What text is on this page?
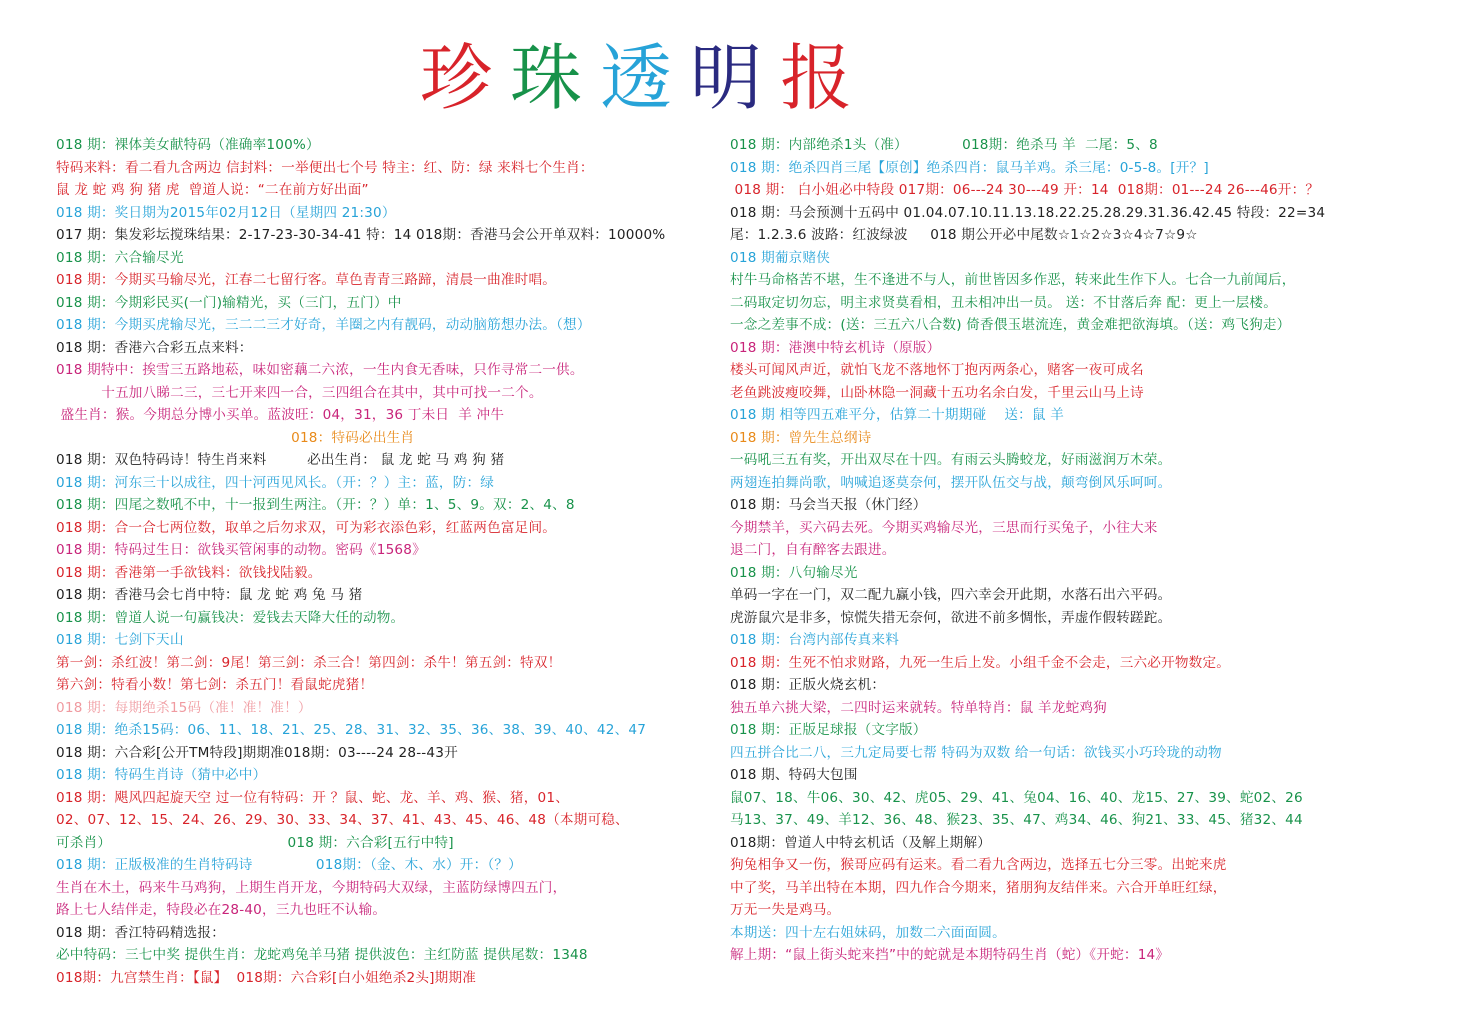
珍 珠 透 明 报
018 期：裸体美女献特码（准确率100%）
特码来料：看二看九含两边 信封料：一举便出七个号 特主：红、防：绿 来料七个生肖：
鼠 龙 蛇 鸡 狗 猪 虎  曾道人说：“二在前方好出面”
018 期：奖日期为2015年02月12日（星期四 21:30）
017 期：集发彩坛搅珠结果：2-17-23-30-34-41 特：14 018期：香港马会公开单双料：10000%
018 期：六合输尽光
018 期：今期买马输尽光，江春二七留行客。草色青青三路蹄，清晨一曲准时唱。
018 期：今期彩民买(一门)输精光，买（三门，五门）中
018 期：今期买虎输尽光，三二二三才好奇，羊圈之内有靓码，动动脑筋想办法。（想）
018 期：香港六合彩五点来料：
018 期特中：挨雪三五路地菘，味如密藕二六浓，一生内食无香味，只作寻常二一供。
十五加八睇二三，三七开来四一合，三四组合在其中，其中可找一二个。
盛生肖：猴。今期总分博小买单。蓝波旺：04，31，36 丁未日  羊 冲牛
018：特码必出生肖
018 期：双色特码诗！特生肖来料         必出生肖： 鼠 龙 蛇 马 鸡 狗 猪
018 期：河东三十以成往，四十河西见风长。（开：？）主：蓝，防：绿
018 期：四尾之数吼不中，十一报到生两注。（开：？）单：1、5、9。双：2、4、8
018 期：合一合七两位数，取单之后勿求双，可为彩衣添色彩，红蓝两色富足间。
018 期：特码过生日：欲钱买管闲事的动物。密码《1568》
018 期：香港第一手欲钱料：欲钱找陆毅。
018 期：香港马会七肖中特：鼠 龙 蛇 鸡 兔 马 猪
018 期：曾道人说一句赢钱决：爱钱去天降大任的动物。
018 期：七剑下天山
第一剑：杀红波！第二剑：9尾！第三剑：杀三合！第四剑：杀牛！第五剑：特双！
第六剑：特看小数！第七剑：杀五门！看鼠蛇虎猪！
018 期：每期绝杀15码（准！准！准！）
018 期：绝杀15码：06、11、18、21、25、28、31、32、35、36、38、39、40、42、47
018 期：六合彩[公开TM特段]期期准018期：03----24 28--43开
018 期：特码生肖诗（猜中必中）
018 期：飓风四起旋天空 过一位有特码：开 ？鼠、蛇、龙、羊、鸡、猴、猪，01、
02、07、12、15、24、26、29、30、33、34、37、41、43、45、46、48（本期可稳、
可杀肖）                                       018 期：六合彩[五行中特]
018 期：正版极准的生肖特码诗              018期：（金、木、水）开：（？）
生肖在木土，码来牛马鸡狗，上期生肖开龙，今期特码大双绿，主蓝防绿博四五门，
路上七人结伴走，特段必在28-40，三九也旺不认输。
018 期：香江特码精选报：
必中特码：三七中奖 提供生肖：龙蛇鸡兔羊马猪 提供波色：主红防蓝 提供尾数：1348
018期：九宫禁生肖：【鼠】  018期：六合彩[白小姐绝杀2头]期期准
018 期：内部绝杀1头（准）            018期：绝杀马 羊  二尾：5、8
018 期：绝杀四肖三尾【原创】绝杀四肖：鼠马羊鸡。杀三尾：0-5-8。[开？]
018 期： 白小姐必中特段 017期：06---24 30---49 开：14  018期：01---24 26---46开：？
018 期：马会预测十五码中 01.04.07.10.11.13.18.22.25.28.29.31.36.42.45 特段：22=34
尾：1.2.3.6 波路：红波绿波     018 期公开必中尾数☆1☆2☆3☆4☆7☆9☆
018 期葡京赌侠
村牛马命格苦不堪，生不逢进不与人，前世皆因多作恶，转来此生作下人。七合一九前闻后，
二码取定切勿忘，明主求贤莫看相，丑未相冲出一员。 送：不甘落后奔 配：更上一层楼。
一念之差事不成：(送：三五六八合数) 倚香偎玉堪流连，黄金难把欲海填。（送：鸡飞狗走）
018 期：港澳中特玄机诗（原版）
楼头可闻风声近，就怕飞龙不落地怀丁抱丙两条心，赌客一夜可成名
老鱼跳波瘦咬舞，山卧林隐一洞藏十五功名余白发，千里云山马上诗
018 期 相等四五难平分，估算二十期期碰    送：鼠 羊
018 期：曾先生总纲诗
一码吼三五有奖，开出双尽在十四。有雨云头腾蛟龙，好雨滋润万木荣。
两翅连拍舞尚歌，呐喊追逐莫奈何，摆开队伍交与战，颠弯倒风乐呵呵。
018 期：马会当天报（休门经）
今期禁羊，买六码去死。今期买鸡输尽光，三思而行买兔子，小往大来
退二门，自有醉客去跟进。
018 期：八句输尽光
单码一字在一门，双二配九赢小钱，四六幸会开此期，水落石出六平码。
虎游鼠穴是非多，惊慌失措无奈何，欲进不前多惆怅，弄虚作假转蹉跎。
018 期：台湾内部传真来料
018 期：生死不怕求财路，九死一生后上发。小组千金不会走，三六必开物数定。
018 期：正版火烧玄机：
独五单六挑大梁，二四时运来就转。特单特肖：鼠 羊龙蛇鸡狗
018 期：正版足球报（文字版）
四五拼合比二八，三九定局要七帮 特码为双数 给一句话：欲钱买小巧玲珑的动物
018 期、特码大包围
鼠07、18、牛06、30、42、虎05、29、41、兔04、16、40、龙15、27、39、蛇02、26
马13、37、49、羊12、36、48、猴23、35、47、鸡34、46、狗21、33、45、猪32、44
018期：曾道人中特玄机话（及解上期解）
狗兔相争又一伤，猴哥应码有运来。看二看九含两边，选择五七分三零。出蛇来虎
中了奖，马羊出特在本期，四九作合今期来，猪朋狗友结伴来。六合开单旺红绿，
万无一失是鸡马。
本期送：四十左右姐妹码，加数二六面面圆。
解上期：“鼠上街头蛇来挡”中的蛇就是本期特码生肖（蛇）《开蛇：14》
